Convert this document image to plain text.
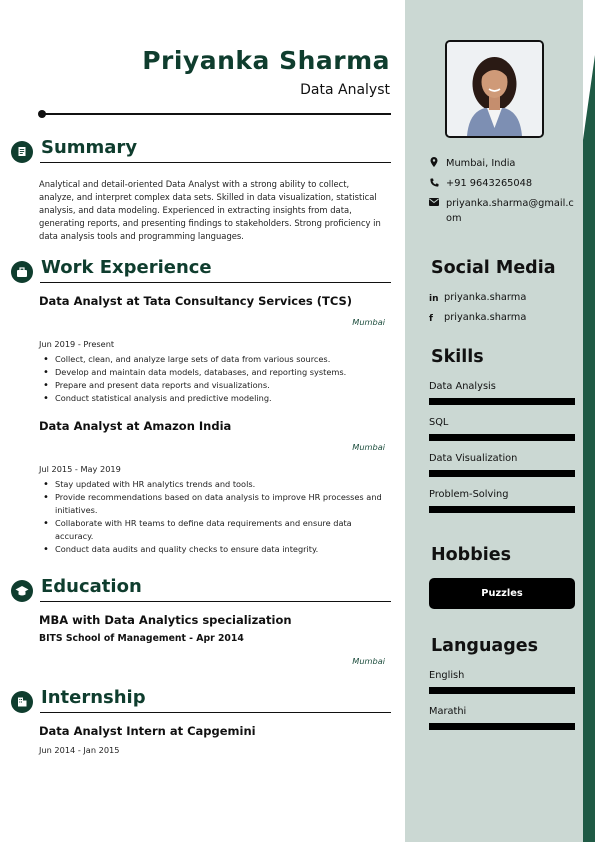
Priyanka Sharma
Data Analyst
Summary
Analytical and detail-oriented Data Analyst with a strong ability to collect, analyze, and interpret complex data sets. Skilled in data visualization, statistical analysis, and data modeling. Experienced in extracting insights from data, generating reports, and presenting findings to stakeholders. Strong proficiency in data analysis tools and programming languages.
Work Experience
Data Analyst at Tata Consultancy Services (TCS)
Mumbai
Jun 2019 - Present
• Collect, clean, and analyze large sets of data from various sources.
• Develop and maintain data models, databases, and reporting systems.
• Prepare and present data reports and visualizations.
• Conduct statistical analysis and predictive modeling.
Data Analyst at Amazon India
Mumbai
Jul 2015 - May 2019
• Stay updated with HR analytics trends and tools.
• Provide recommendations based on data analysis to improve HR processes and initiatives.
• Collaborate with HR teams to define data requirements and ensure data accuracy.
• Conduct data audits and quality checks to ensure data integrity.
Education
MBA with Data Analytics specialization
BITS School of Management - Apr 2014
Mumbai
Internship
Data Analyst Intern at Capgemini
Jun 2014 - Jan 2015
Mumbai, India
+91 9643265048
priyanka.sharma@gmail.com
Social Media
in priyanka.sharma
f	priyanka.sharma
Skills
Data Analysis
SQL
Data Visualization
Problem-Solving
Hobbies
Puzzles
Languages
English
Marathi
